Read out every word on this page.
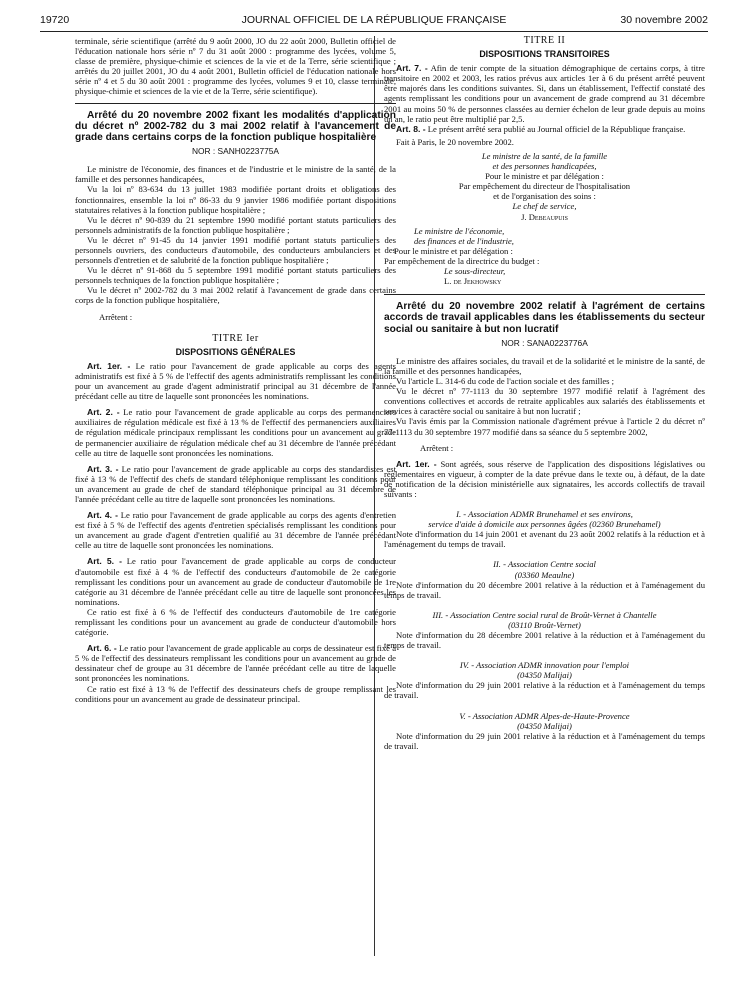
19720	JOURNAL OFFICIEL DE LA RÉPUBLIQUE FRANÇAISE	30 novembre 2002

terminale, série scientifique (arrêté du 9 août 2000, JO du 22 août 2000, Bulletin officiel de l'éducation nationale hors série nº 7 du 31 août 2000 : programme des lycées, volume 5, classe de première, physique-chimie et sciences de la vie et de la Terre, série scientifique ; arrêtés du 20 juillet 2001, JO du 4 août 2001, Bulletin officiel de l'éducation nationale hors série nº 4 et 5 du 30 août 2001 : programme des lycées, volumes 9 et 10, classe terminale, physique-chimie et sciences de la vie et de la Terre, série scientifique).

Arrêté du 20 novembre 2002 fixant les modalités d'application du décret nº 2002-782 du 3 mai 2002 relatif à l'avancement de grade dans certains corps de la fonction publique hospitalière

NOR : SANH0223775A

Le ministre de l'économie, des finances et de l'industrie et le ministre de la santé, de la famille et des personnes handicapées,

Vu la loi nº 83-634 du 13 juillet 1983 modifiée portant droits et obligations des fonctionnaires, ensemble la loi nº 86-33 du 9 janvier 1986 modifiée portant dispositions statutaires relatives à la fonction publique hospitalière ;

Vu le décret nº 90-839 du 21 septembre 1990 modifié portant statuts particuliers des personnels administratifs de la fonction publique hospitalière ;

Vu le décret nº 91-45 du 14 janvier 1991 modifié portant statuts particuliers des personnels ouvriers, des conducteurs d'automobile, des conducteurs ambulanciers et des personnels d'entretien et de salubrité de la fonction publique hospitalière ;

Vu le décret nº 91-868 du 5 septembre 1991 modifié portant statuts particuliers des personnels techniques de la fonction publique hospitalière ;

Vu le décret nº 2002-782 du 3 mai 2002 relatif à l'avancement de grade dans certains corps de la fonction publique hospitalière,

Arrêtent :

TITRE Ier
DISPOSITIONS GÉNÉRALES

Art. 1er. - Le ratio pour l'avancement de grade applicable au corps des agents administratifs est fixé à 5 % de l'effectif des agents administratifs remplissant les conditions pour un avancement au grade d'agent administratif principal au 31 décembre de l'année précédant celle au titre de laquelle sont prononcées les nominations.

Art. 2. - Le ratio pour l'avancement de grade applicable au corps des permanenciers auxiliaires de régulation médicale est fixé à 13 % de l'effectif des permanenciers auxiliaires de régulation médicale principaux remplissant les conditions pour un avancement au grade de permanencier auxiliaire de régulation médicale chef au 31 décembre de l'année précédant celle au titre de laquelle sont prononcées les nominations.

Art. 3. - Le ratio pour l'avancement de grade applicable au corps des standardistes est fixé à 13 % de l'effectif des chefs de standard téléphonique remplissant les conditions pour un avancement au grade de chef de standard téléphonique principal au 31 décembre de l'année précédant celle au titre de laquelle sont prononcées les nominations.

Art. 4. - Le ratio pour l'avancement de grade applicable au corps des agents d'entretien est fixé à 5 % de l'effectif des agents d'entretien spécialisés remplissant les conditions pour un avancement au grade d'agent d'entretien qualifié au 31 décembre de l'année précédant celle au titre de laquelle sont prononcées les nominations.

Art. 5. - Le ratio pour l'avancement de grade applicable au corps de conducteur d'automobile est fixé à 4 % de l'effectif des conducteurs d'automobile de 2e catégorie remplissant les conditions pour un avancement au grade de conducteur d'automobile de 1re catégorie au 31 décembre de l'année précédant celle au titre de laquelle sont prononcées les nominations.

Ce ratio est fixé à 6 % de l'effectif des conducteurs d'automobile de 1re catégorie remplissant les conditions pour un avancement au grade de conducteur d'automobile hors catégorie.

Art. 6. - Le ratio pour l'avancement de grade applicable au corps de dessinateur est fixé à 5 % de l'effectif des dessinateurs remplissant les conditions pour un avancement au grade de dessinateur chef de groupe au 31 décembre de l'année précédant celle au titre de laquelle sont prononcées les nominations.

Ce ratio est fixé à 13 % de l'effectif des dessinateurs chefs de groupe remplissant les conditions pour un avancement au grade de dessinateur principal.

TITRE II
DISPOSITIONS TRANSITOIRES

Art. 7. - Afin de tenir compte de la situation démographique de certains corps, à titre transitoire en 2002 et 2003, les ratios prévus aux articles 1er à 6 du présent arrêté peuvent être majorés dans les conditions suivantes. Si, dans un établissement, l'effectif constaté des agents remplissant les conditions pour un avancement de grade comprend au 31 décembre 2001 au moins 50 % de personnes classées au dernier échelon de leur grade depuis au moins un an, le ratio peut être multiplié par 2,5.

Art. 8. - Le présent arrêté sera publié au Journal officiel de la République française.

Fait à Paris, le 20 novembre 2002.

Le ministre de la santé, de la famille
et des personnes handicapées,
Pour le ministre et par délégation :
Par empêchement du directeur de l'hospitalisation
et de l'organisation des soins :
Le chef de service,
J. Debeaupuis
Le ministre de l'économie,
des finances et de l'industrie,
Pour le ministre et par délégation :
Par empêchement de la directrice du budget :
Le sous-directeur,
L. de Jekhowsky

Arrêté du 20 novembre 2002 relatif à l'agrément de certains accords de travail applicables dans les établissements du secteur social ou sanitaire à but non lucratif

NOR : SANA0223776A

Le ministre des affaires sociales, du travail et de la solidarité et le ministre de la santé, de la famille et des personnes handicapées,

Vu l'article L. 314-6 du code de l'action sociale et des familles ;

Vu le décret nº 77-1113 du 30 septembre 1977 modifié relatif à l'agrément des conventions collectives et accords de retraite applicables aux salariés des établissements et services à caractère social ou sanitaire à but non lucratif ;

Vu l'avis émis par la Commission nationale d'agrément prévue à l'article 2 du décret nº 77-1113 du 30 septembre 1977 modifié dans sa séance du 5 septembre 2002,

Arrêtent :

Art. 1er. - Sont agréés, sous réserve de l'application des dispositions législatives ou réglementaires en vigueur, à compter de la date prévue dans le texte ou, à défaut, de la date de notification de la décision ministérielle aux signataires, les accords collectifs de travail suivants :

I. - Association ADMR Brunehamel et ses environs,
service d'aide à domicile aux personnes âgées (02360 Brunehamel)

Note d'information du 14 juin 2001 et avenant du 23 août 2002 relatifs à la réduction et à l'aménagement du temps de travail.

II. - Association Centre social
(03360 Meaulne)

Note d'information du 20 décembre 2001 relative à la réduction et à l'aménagement du temps de travail.

III. - Association Centre social rural de Broût-Vernet à Chantelle
(03110 Broût-Vernet)

Note d'information du 28 décembre 2001 relative à la réduction et à l'aménagement du temps de travail.

IV. - Association ADMR innovation pour l'emploi
(04350 Malijai)

Note d'information du 29 juin 2001 relative à la réduction et à l'aménagement du temps de travail.

V. - Association ADMR Alpes-de-Haute-Provence
(04350 Malijai)

Note d'information du 29 juin 2001 relative à la réduction et à l'aménagement du temps de travail.
